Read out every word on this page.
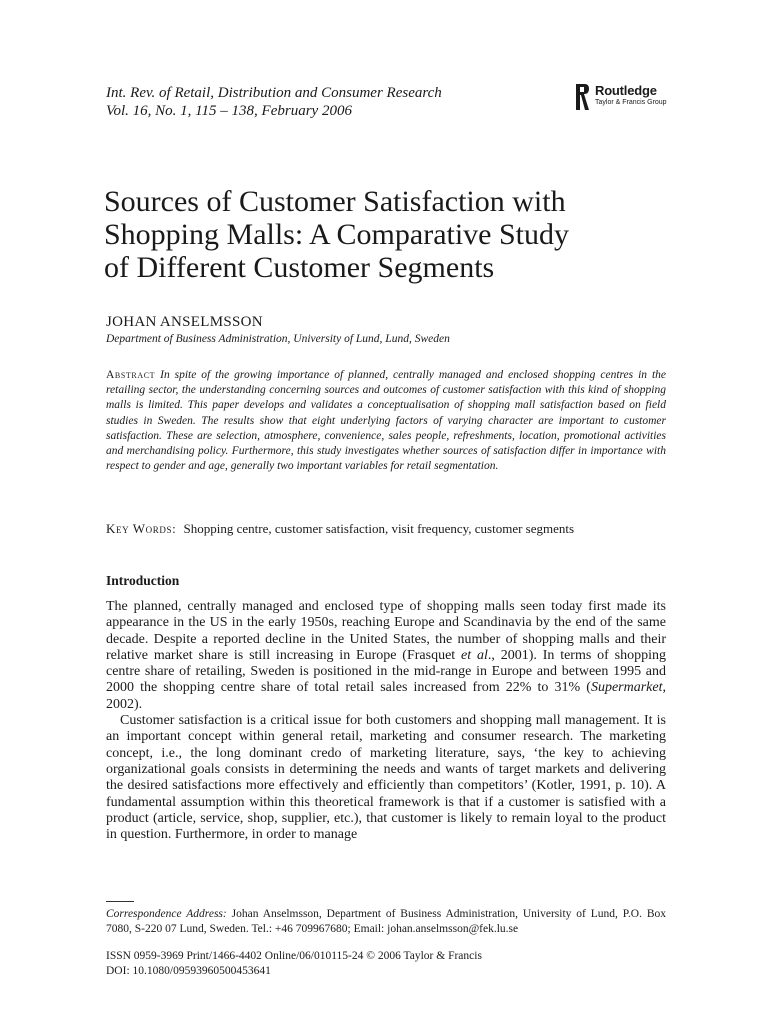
Int. Rev. of Retail, Distribution and Consumer Research
Vol. 16, No. 1, 115 – 138, February 2006
Routledge
Taylor & Francis Group
Sources of Customer Satisfaction with
Shopping Malls: A Comparative Study
of Different Customer Segments
JOHAN ANSELMSSON
Department of Business Administration, University of Lund, Lund, Sweden

Abstract In spite of the growing importance of planned, centrally managed and enclosed shopping centres in the retailing sector, the understanding concerning sources and outcomes of customer satisfaction with this kind of shopping malls is limited. This paper develops and validates a conceptualisation of shopping mall satisfaction based on field studies in Sweden. The results show that eight underlying factors of varying character are important to customer satisfaction. These are selection, atmosphere, convenience, sales people, refreshments, location, promotional activities and merchandising policy. Furthermore, this study investigates whether sources of satisfaction differ in importance with respect to gender and age, generally two important variables for retail segmentation.

Key Words: Shopping centre, customer satisfaction, visit frequency, customer segments
Introduction

The planned, centrally managed and enclosed type of shopping malls seen today first made its appearance in the US in the early 1950s, reaching Europe and Scandinavia by the end of the same decade. Despite a reported decline in the United States, the number of shopping malls and their relative market share is still increasing in Europe (Frasquet et al., 2001). In terms of shopping centre share of retailing, Sweden is positioned in the mid-range in Europe and between 1995 and 2000 the shopping centre share of total retail sales increased from 22% to 31% (Supermarket, 2002).

Customer satisfaction is a critical issue for both customers and shopping mall management. It is an important concept within general retail, marketing and consumer research. The marketing concept, i.e., the long dominant credo of marketing literature, says, ‘the key to achieving organizational goals consists in determining the needs and wants of target markets and delivering the desired satisfactions more effectively and efficiently than competitors’ (Kotler, 1991, p. 10). A fundamental assumption within this theoretical framework is that if a customer is satisfied with a product (article, service, shop, supplier, etc.), that customer is likely to remain loyal to the product in question. Furthermore, in order to manage

Correspondence Address: Johan Anselmsson, Department of Business Administration, University of Lund, P.O. Box 7080, S-220 07 Lund, Sweden. Tel.: +46 709967680; Email: johan.anselmsson@fek.lu.se
ISSN 0959-3969 Print/1466-4402 Online/06/010115-24 © 2006 Taylor & Francis
DOI: 10.1080/09593960500453641
